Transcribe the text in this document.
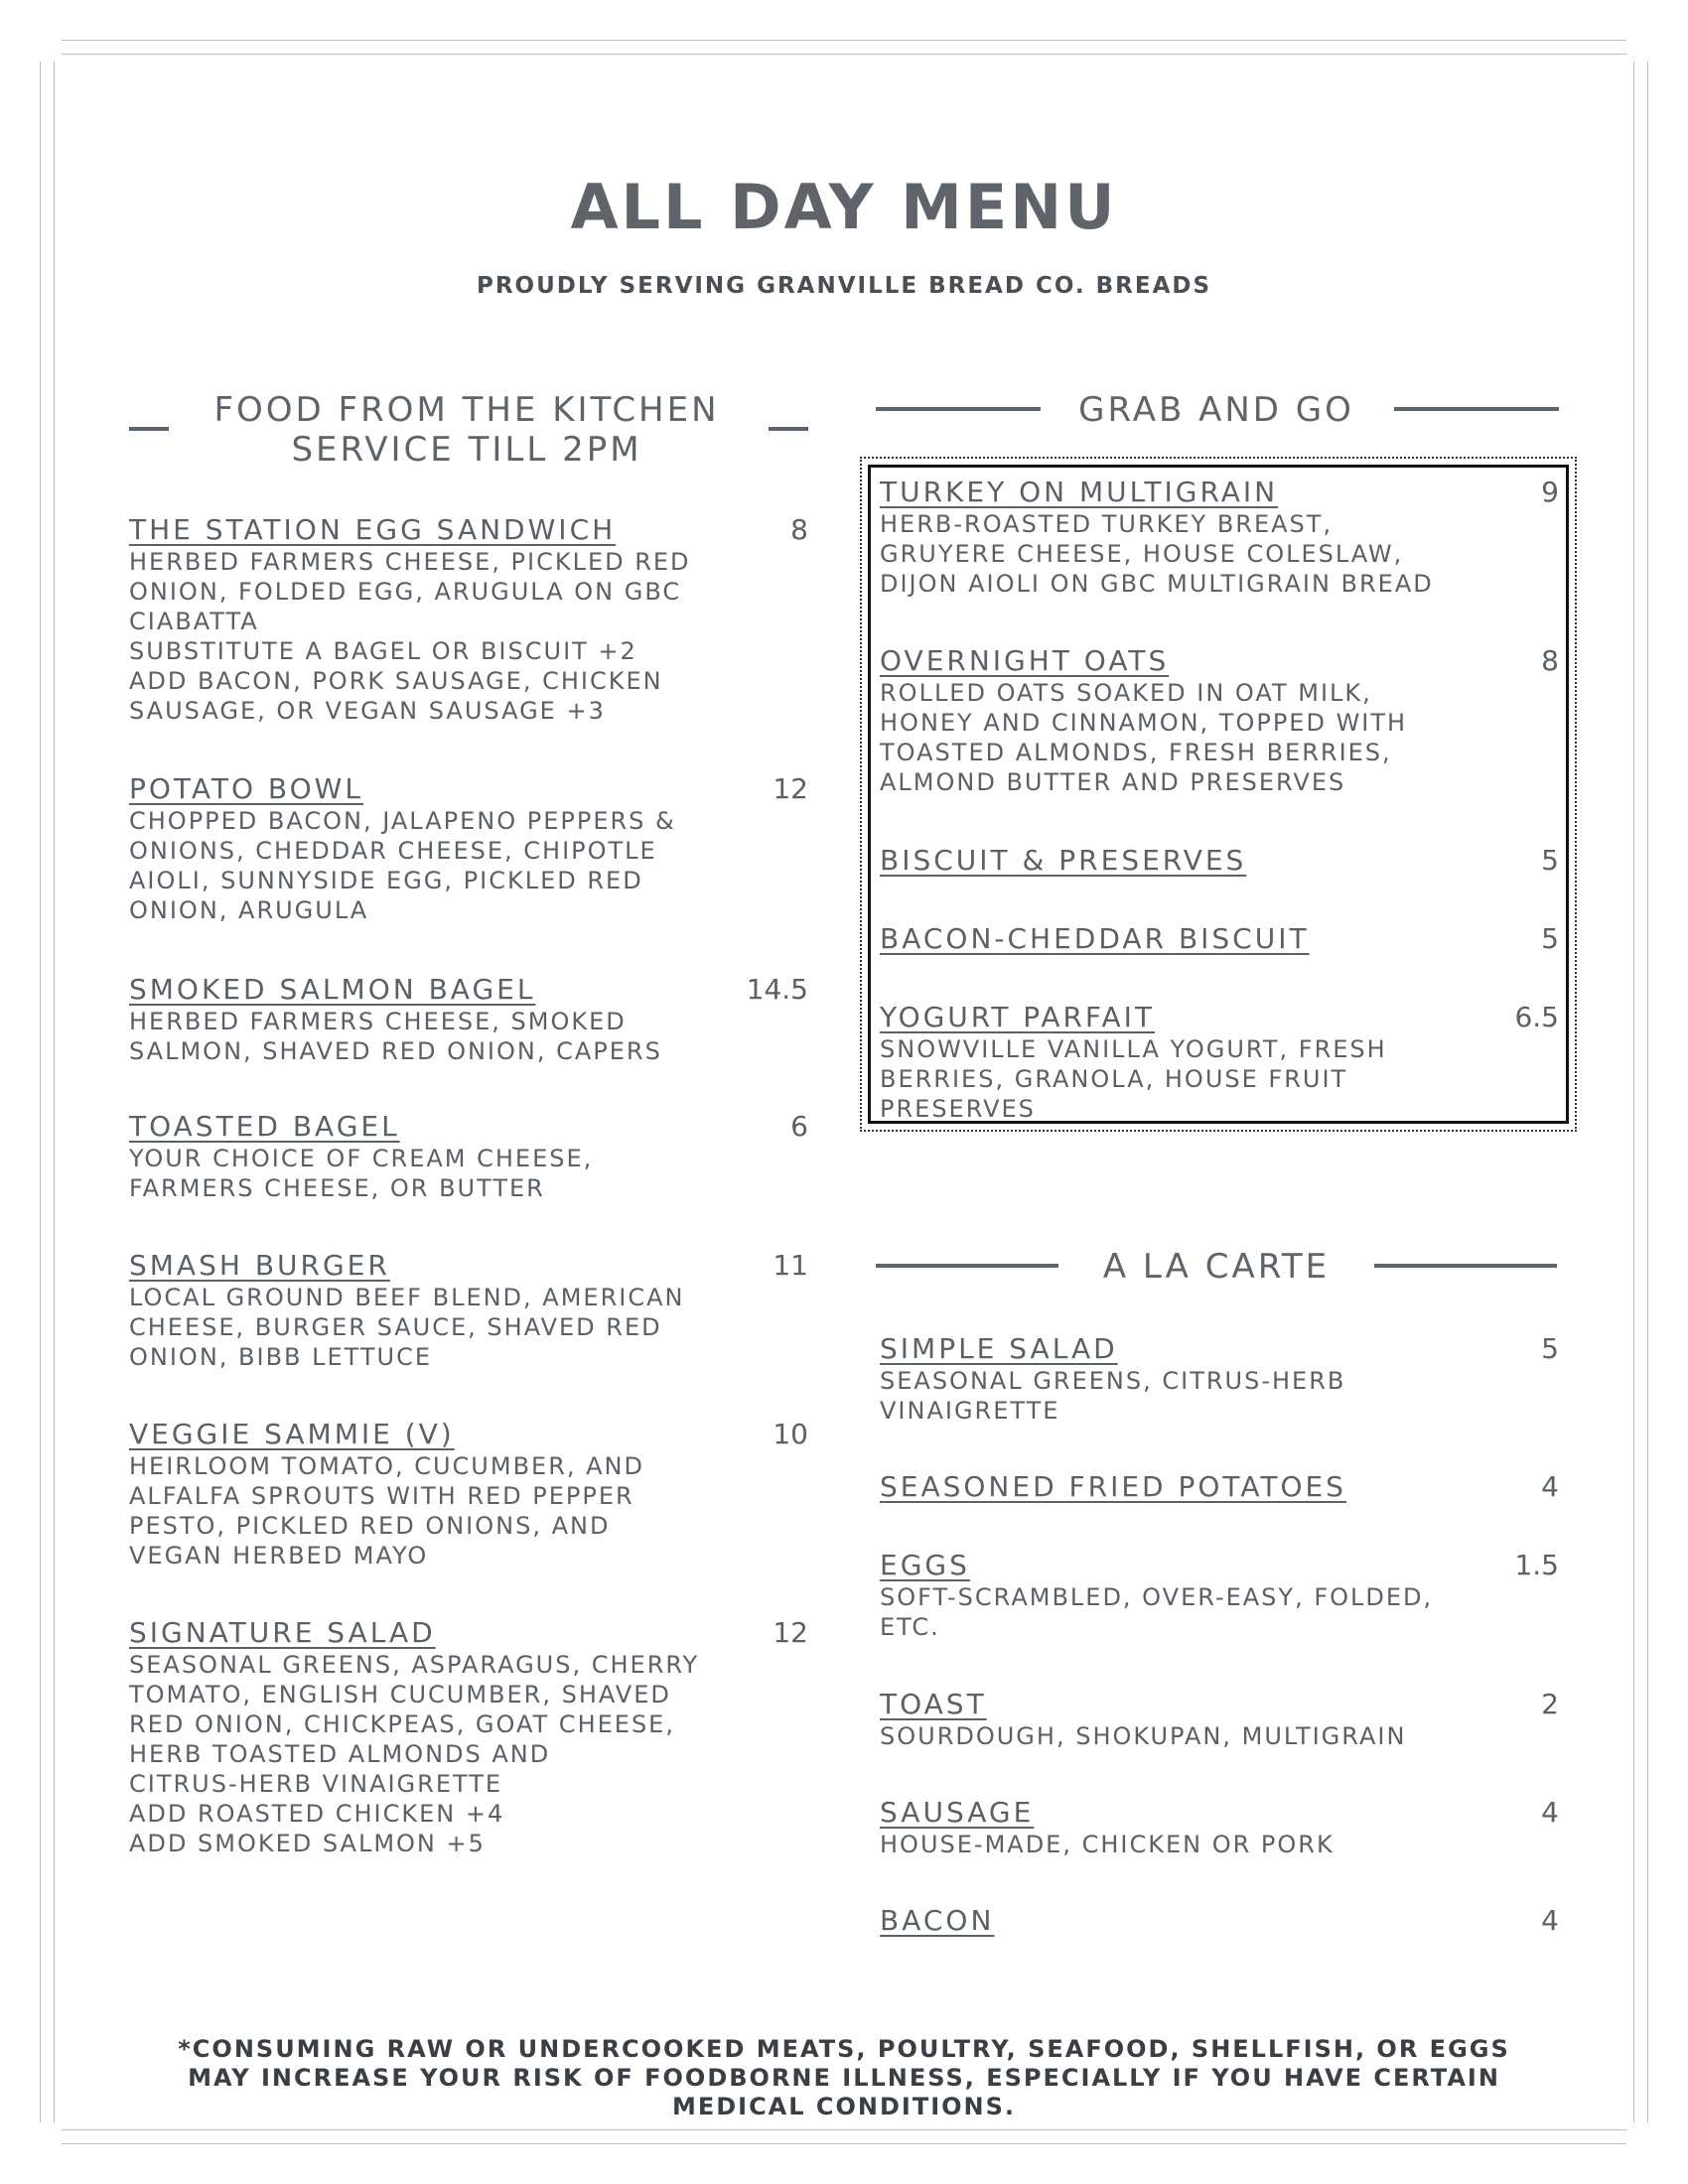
ALL DAY MENU
PROUDLY SERVING GRANVILLE BREAD CO. BREADS
FOOD FROM THE KITCHEN
SERVICE TILL 2PM
GRAB AND GO
A LA CARTE
THE STATION EGG SANDWICH	8
HERBED FARMERS CHEESE, PICKLED RED
ONION, FOLDED EGG, ARUGULA ON GBC
CIABATTA
SUBSTITUTE A BAGEL OR BISCUIT +2
ADD BACON, PORK SAUSAGE, CHICKEN
SAUSAGE, OR VEGAN SAUSAGE +3
POTATO BOWL	12
CHOPPED BACON, JALAPENO PEPPERS &
ONIONS, CHEDDAR CHEESE, CHIPOTLE
AIOLI, SUNNYSIDE EGG, PICKLED RED
ONION, ARUGULA
SMOKED SALMON BAGEL	14.5
HERBED FARMERS CHEESE, SMOKED
SALMON, SHAVED RED ONION, CAPERS
TOASTED BAGEL	6
YOUR CHOICE OF CREAM CHEESE,
FARMERS CHEESE, OR BUTTER
SMASH BURGER	11
LOCAL GROUND BEEF BLEND, AMERICAN
CHEESE, BURGER SAUCE, SHAVED RED
ONION, BIBB LETTUCE
VEGGIE SAMMIE (V)	10
HEIRLOOM TOMATO, CUCUMBER, AND
ALFALFA SPROUTS WITH RED PEPPER
PESTO, PICKLED RED ONIONS, AND
VEGAN HERBED MAYO
SIGNATURE SALAD	12
SEASONAL GREENS, ASPARAGUS, CHERRY
TOMATO, ENGLISH CUCUMBER, SHAVED
RED ONION, CHICKPEAS, GOAT CHEESE,
HERB TOASTED ALMONDS AND
CITRUS-HERB VINAIGRETTE
ADD ROASTED CHICKEN +4
ADD SMOKED SALMON +5
TURKEY ON MULTIGRAIN	9
HERB-ROASTED TURKEY BREAST,
GRUYERE CHEESE, HOUSE COLESLAW,
DIJON AIOLI ON GBC MULTIGRAIN BREAD
OVERNIGHT OATS	8
ROLLED OATS SOAKED IN OAT MILK,
HONEY AND CINNAMON, TOPPED WITH
TOASTED ALMONDS, FRESH BERRIES,
ALMOND BUTTER AND PRESERVES
BISCUIT & PRESERVES	5
BACON-CHEDDAR BISCUIT	5
YOGURT PARFAIT	6.5
SNOWVILLE VANILLA YOGURT, FRESH
BERRIES, GRANOLA, HOUSE FRUIT
PRESERVES
SIMPLE SALAD	5
SEASONAL GREENS, CITRUS-HERB
VINAIGRETTE
SEASONED FRIED POTATOES	4
EGGS	1.5
SOFT-SCRAMBLED, OVER-EASY, FOLDED,
ETC.
TOAST	2
SOURDOUGH, SHOKUPAN, MULTIGRAIN
SAUSAGE	4
HOUSE-MADE, CHICKEN OR PORK
BACON	4
*CONSUMING RAW OR UNDERCOOKED MEATS, POULTRY, SEAFOOD, SHELLFISH, OR EGGS
MAY INCREASE YOUR RISK OF FOODBORNE ILLNESS, ESPECIALLY IF YOU HAVE CERTAIN
MEDICAL CONDITIONS.
